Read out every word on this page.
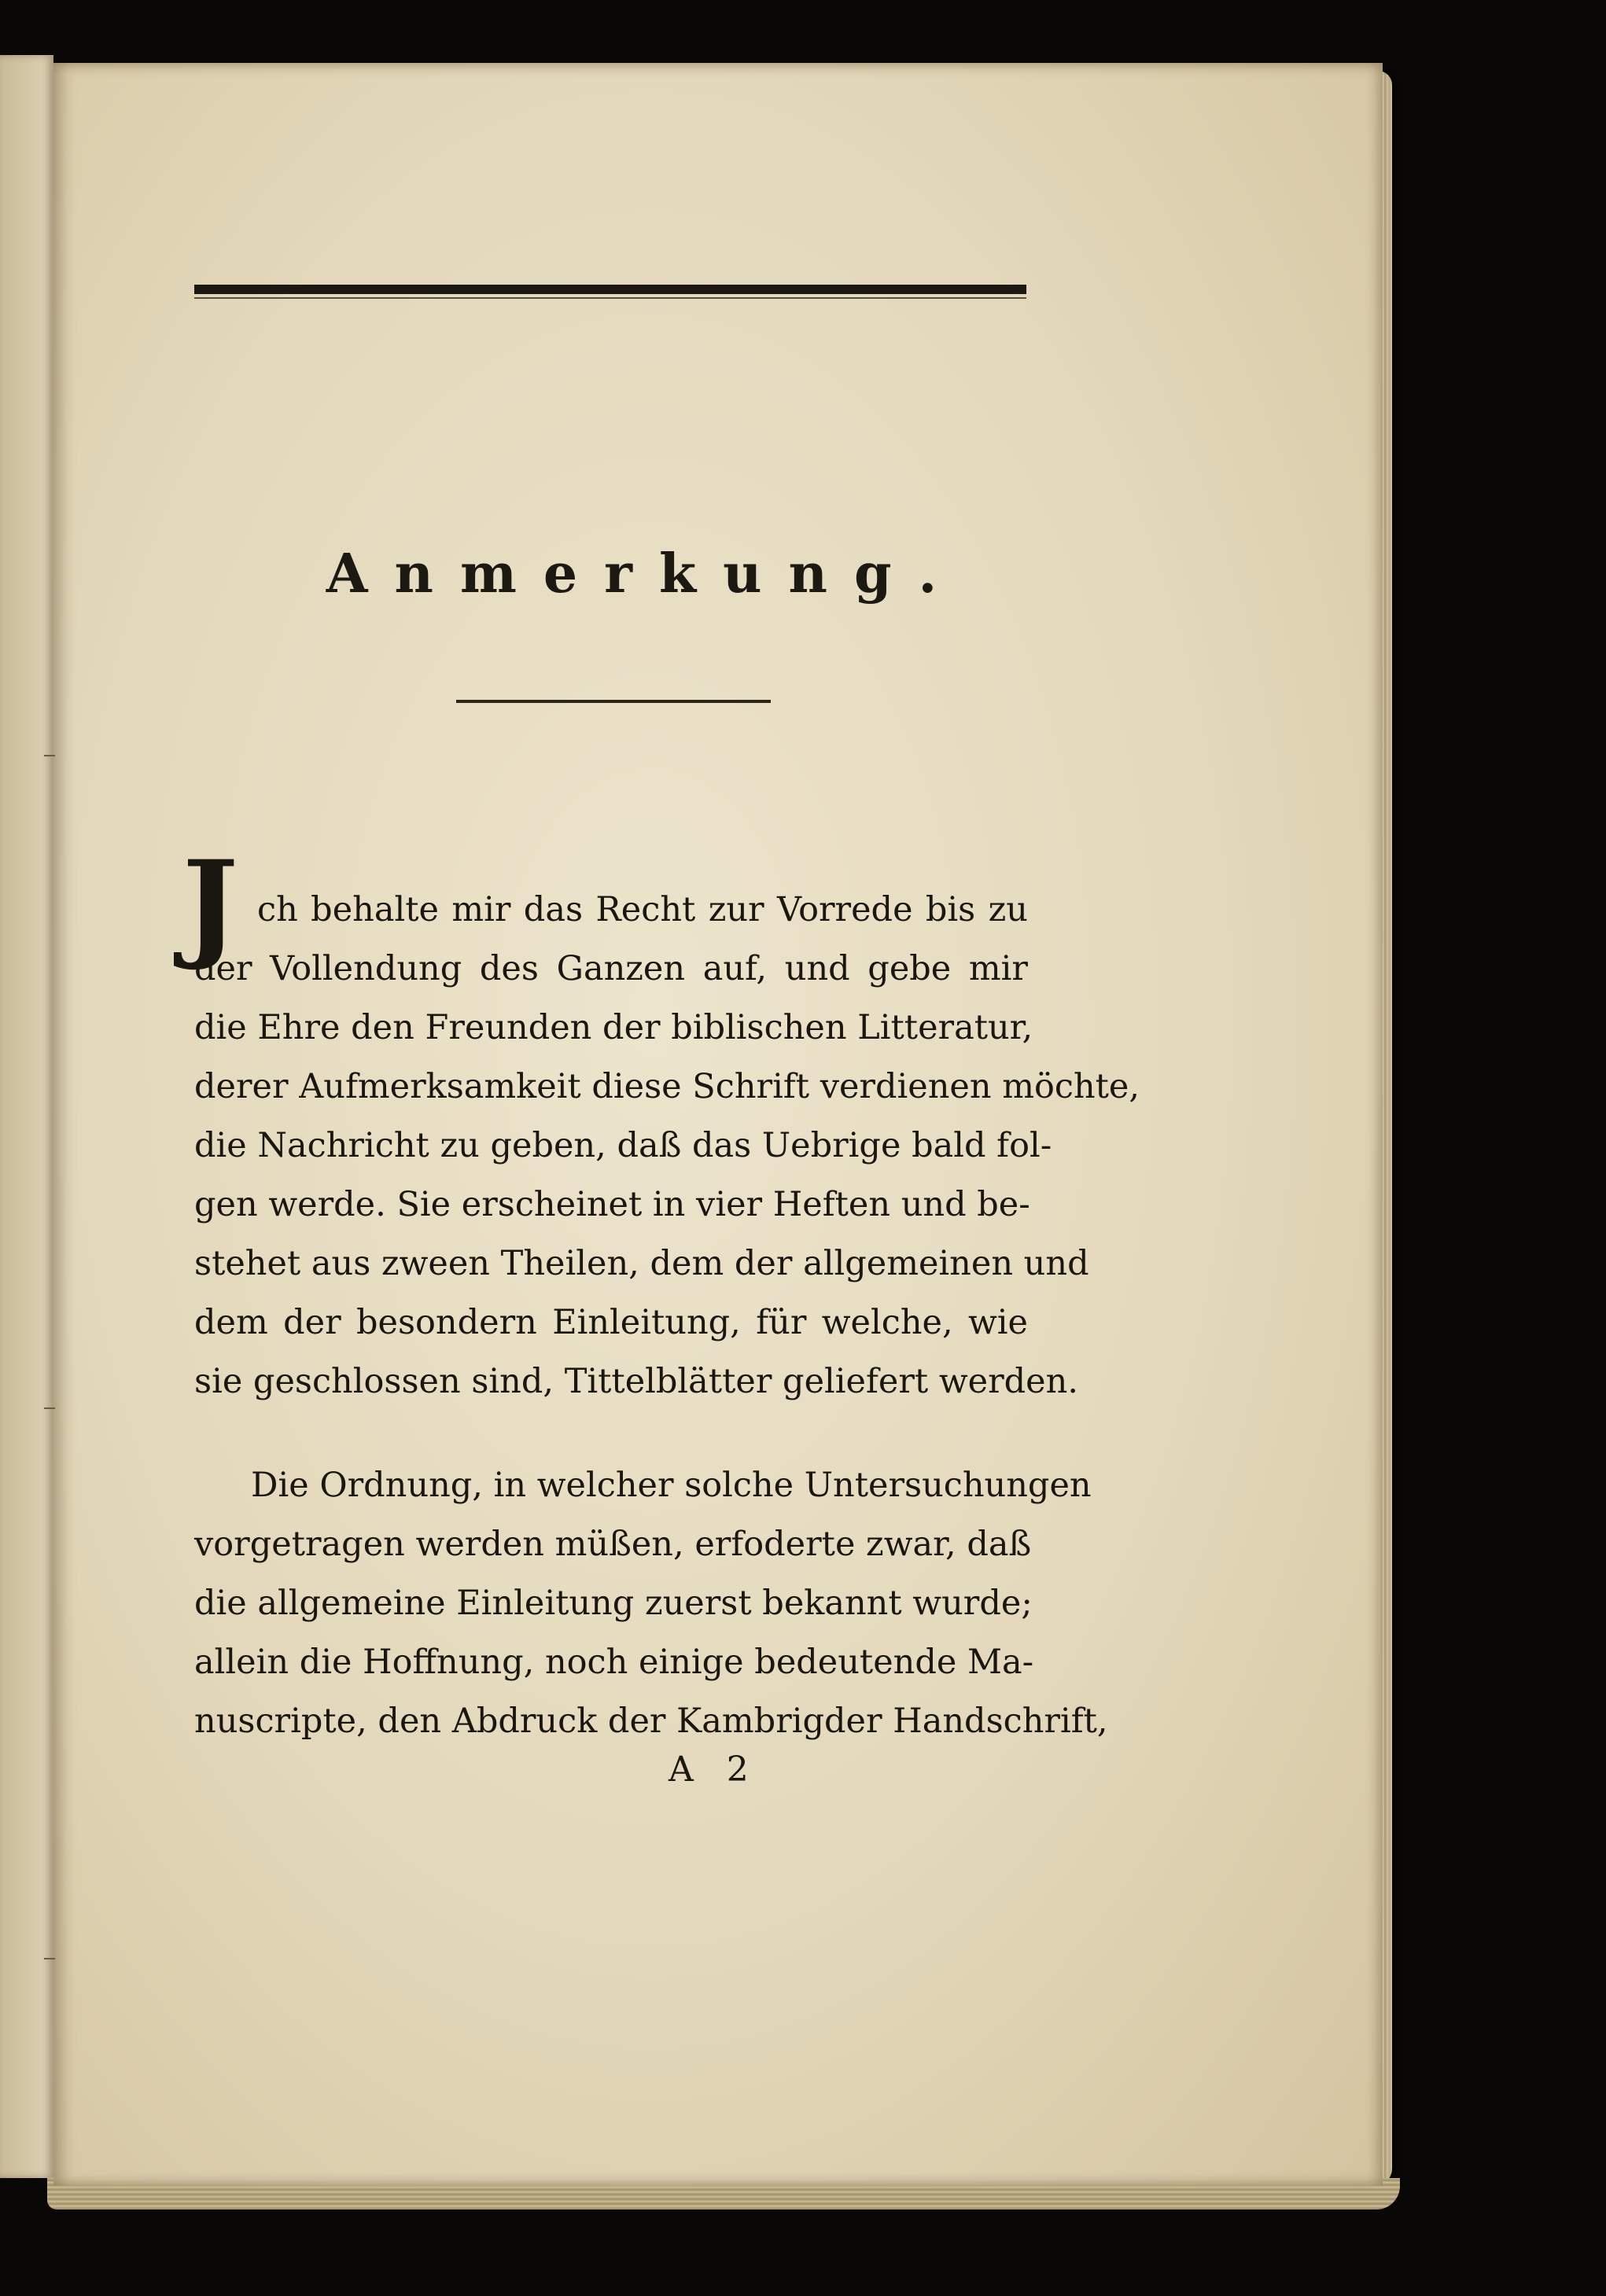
Anmerkung.
J ch behalte mir das Recht zur Vorrede bis zu
der Vollendung des Ganzen auf, und gebe mir
die Ehre den Freunden der biblischen Litteratur,
derer Aufmerksamkeit diese Schrift verdienen möchte,
die Nachricht zu geben, daß das Uebrige bald fol-
gen werde. Sie erscheinet in vier Heften und be-
stehet aus zween Theilen, dem der allgemeinen und
dem der besondern Einleitung, für welche, wie
sie geschlossen sind, Tittelblätter geliefert werden.
Die Ordnung, in welcher solche Untersuchungen
vorgetragen werden müßen, erfoderte zwar, daß
die allgemeine Einleitung zuerst bekannt wurde;
allein die Hoffnung, noch einige bedeutende Ma-
nuscripte, den Abdruck der Kambrigder Handschrift,
A 2
